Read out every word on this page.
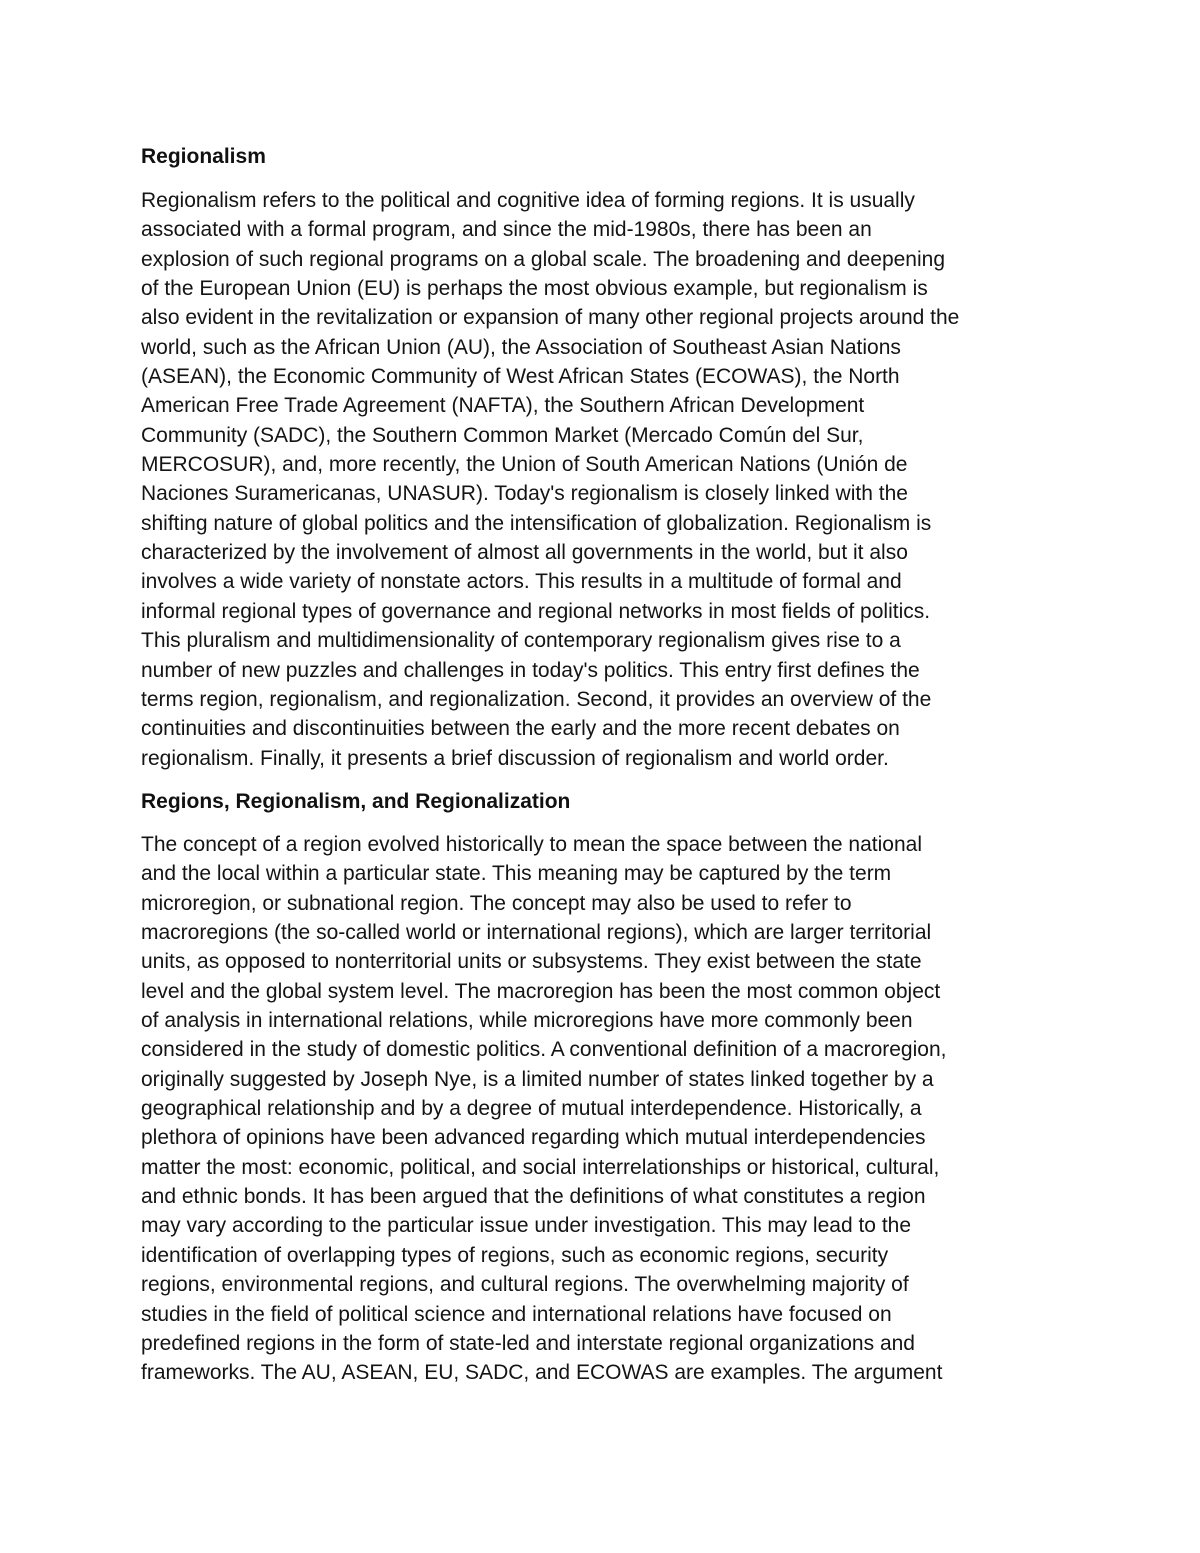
Regionalism
Regionalism refers to the political and cognitive idea of forming regions. It is usually
associated with a formal program, and since the mid-1980s, there has been an
explosion of such regional programs on a global scale. The broadening and deepening
of the European Union (EU) is perhaps the most obvious example, but regionalism is
also evident in the revitalization or expansion of many other regional projects around the
world, such as the African Union (AU), the Association of Southeast Asian Nations
(ASEAN), the Economic Community of West African States (ECOWAS), the North
American Free Trade Agreement (NAFTA), the Southern African Development
Community (SADC), the Southern Common Market (Mercado Común del Sur,
MERCOSUR), and, more recently, the Union of South American Nations (Unión de
Naciones Suramericanas, UNASUR). Today's regionalism is closely linked with the
shifting nature of global politics and the intensification of globalization. Regionalism is
characterized by the involvement of almost all governments in the world, but it also
involves a wide variety of nonstate actors. This results in a multitude of formal and
informal regional types of governance and regional networks in most fields of politics.
This pluralism and multidimensionality of contemporary regionalism gives rise to a
number of new puzzles and challenges in today's politics. This entry first defines the
terms region, regionalism, and regionalization. Second, it provides an overview of the
continuities and discontinuities between the early and the more recent debates on
regionalism. Finally, it presents a brief discussion of regionalism and world order.
Regions, Regionalism, and Regionalization
The concept of a region evolved historically to mean the space between the national
and the local within a particular state. This meaning may be captured by the term
microregion, or subnational region. The concept may also be used to refer to
macroregions (the so-called world or international regions), which are larger territorial
units, as opposed to nonterritorial units or subsystems. They exist between the state
level and the global system level. The macroregion has been the most common object
of analysis in international relations, while microregions have more commonly been
considered in the study of domestic politics. A conventional definition of a macroregion,
originally suggested by Joseph Nye, is a limited number of states linked together by a
geographical relationship and by a degree of mutual interdependence. Historically, a
plethora of opinions have been advanced regarding which mutual interdependencies
matter the most: economic, political, and social interrelationships or historical, cultural,
and ethnic bonds. It has been argued that the definitions of what constitutes a region
may vary according to the particular issue under investigation. This may lead to the
identification of overlapping types of regions, such as economic regions, security
regions, environmental regions, and cultural regions. The overwhelming majority of
studies in the field of political science and international relations have focused on
predefined regions in the form of state-led and interstate regional organizations and
frameworks. The AU, ASEAN, EU, SADC, and ECOWAS are examples. The argument
